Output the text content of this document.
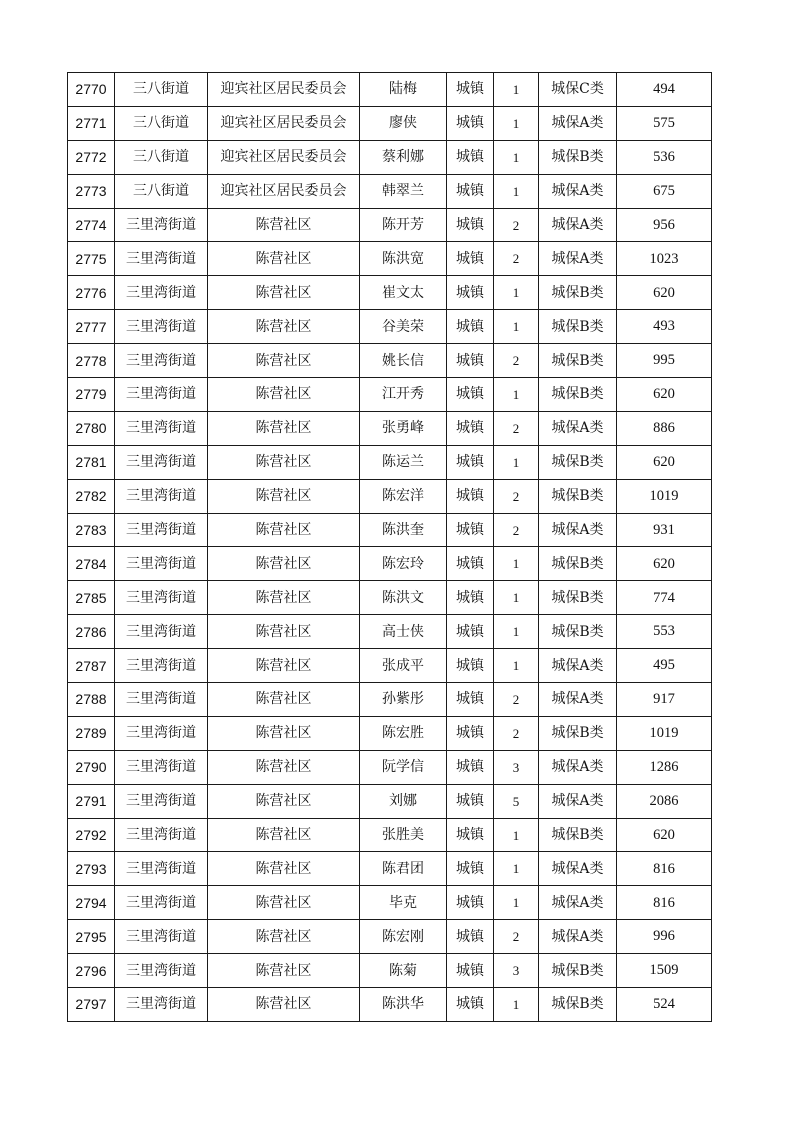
2770	三八街道	迎宾社区居民委员会	陆梅	城镇	1	城保C类	494
2771	三八街道	迎宾社区居民委员会	廖侠	城镇	1	城保A类	575
2772	三八街道	迎宾社区居民委员会	蔡利娜	城镇	1	城保B类	536
2773	三八街道	迎宾社区居民委员会	韩翠兰	城镇	1	城保A类	675
2774	三里湾街道	陈营社区	陈开芳	城镇	2	城保A类	956
2775	三里湾街道	陈营社区	陈洪宽	城镇	2	城保A类	1023
2776	三里湾街道	陈营社区	崔文太	城镇	1	城保B类	620
2777	三里湾街道	陈营社区	谷美荣	城镇	1	城保B类	493
2778	三里湾街道	陈营社区	姚长信	城镇	2	城保B类	995
2779	三里湾街道	陈营社区	江开秀	城镇	1	城保B类	620
2780	三里湾街道	陈营社区	张勇峰	城镇	2	城保A类	886
2781	三里湾街道	陈营社区	陈运兰	城镇	1	城保B类	620
2782	三里湾街道	陈营社区	陈宏洋	城镇	2	城保B类	1019
2783	三里湾街道	陈营社区	陈洪奎	城镇	2	城保A类	931
2784	三里湾街道	陈营社区	陈宏玲	城镇	1	城保B类	620
2785	三里湾街道	陈营社区	陈洪文	城镇	1	城保B类	774
2786	三里湾街道	陈营社区	高士侠	城镇	1	城保B类	553
2787	三里湾街道	陈营社区	张成平	城镇	1	城保A类	495
2788	三里湾街道	陈营社区	孙紫彤	城镇	2	城保A类	917
2789	三里湾街道	陈营社区	陈宏胜	城镇	2	城保B类	1019
2790	三里湾街道	陈营社区	阮学信	城镇	3	城保A类	1286
2791	三里湾街道	陈营社区	刘娜	城镇	5	城保A类	2086
2792	三里湾街道	陈营社区	张胜美	城镇	1	城保B类	620
2793	三里湾街道	陈营社区	陈君团	城镇	1	城保A类	816
2794	三里湾街道	陈营社区	毕克	城镇	1	城保A类	816
2795	三里湾街道	陈营社区	陈宏刚	城镇	2	城保A类	996
2796	三里湾街道	陈营社区	陈菊	城镇	3	城保B类	1509
2797	三里湾街道	陈营社区	陈洪华	城镇	1	城保B类	524
